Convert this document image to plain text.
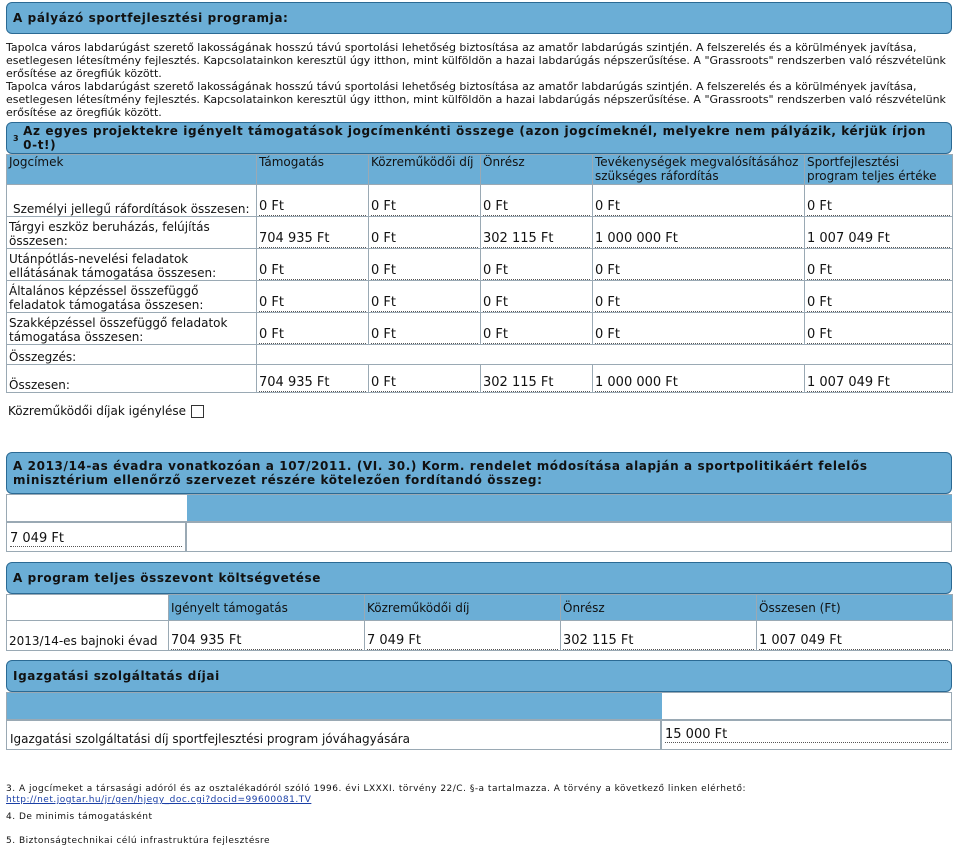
A pályázó sportfejlesztési programja:
Tapolca város labdarúgást szerető lakosságának hosszú távú sportolási lehetőség biztosítása az amatőr labdarúgás szintjén. A felszerelés és a körülmények javítása, esetlegesen létesítmény fejlesztés. Kapcsolatainkon keresztül úgy itthon, mint külföldön a hazai labdarúgás népszerűsítése. A "Grassroots" rendszerben való részvételünk erősítése az öregfiúk között.
Tapolca város labdarúgást szerető lakosságának hosszú távú sportolási lehetőség biztosítása az amatőr labdarúgás szintjén. A felszerelés és a körülmények javítása, esetlegesen létesítmény fejlesztés. Kapcsolatainkon keresztül úgy itthon, mint külföldön a hazai labdarúgás népszerűsítése. A "Grassroots" rendszerben való részvételünk erősítése az öregfiúk között.
3 Az egyes projektekre igényelt támogatások jogcímenkénti összege (azon jogcímeknél, melyekre nem pályázik, kérjük írjon 0-t!)
Jogcímek	Támogatás	Közreműködői díj	Önrész	Tevékenységek megvalósításához szükséges ráfordítás	Sportfejlesztési program teljes értéke
Személyi jellegű ráfordítások összesen:	0 Ft	0 Ft	0 Ft	0 Ft	0 Ft

Tárgyi eszköz beruházás, felújítás összesen:	704 935 Ft	0 Ft	302 115 Ft	1 000 000 Ft	1 007 049 Ft

Utánpótlás-nevelési feladatok ellátásának támogatása összesen:	0 Ft	0 Ft	0 Ft	0 Ft	0 Ft

Általános képzéssel összefüggő feladatok támogatása összesen:	0 Ft	0 Ft	0 Ft	0 Ft	0 Ft

Szakképzéssel összefüggő feladatok támogatása összesen:	0 Ft	0 Ft	0 Ft	0 Ft	0 Ft

Összegzés:					
Összesen:	704 935 Ft	0 Ft	302 115 Ft	1 000 000 Ft	1 007 049 Ft
Közreműködői díjak igénylése
A 2013/14-as évadra vonatkozóan a 107/2011. (VI. 30.) Korm. rendelet módosítása alapján a sportpolitikáért felelős minisztérium ellenőrző szervezet részére kötelezően fordítandó összeg:
7 049 Ft
A program teljes összevont költségvetése
	Igényelt támogatás	Közreműködői díj	Önrész	Összesen (Ft)
2013/14-es bajnoki évad	704 935 Ft	7 049 Ft	302 115 Ft	1 007 049 Ft
Igazgatási szolgáltatás díjai
Igazgatási szolgáltatási díj sportfejlesztési program jóváhagyására	15 000 Ft
3. A jogcímeket a társasági adóról és az osztalékadóról szóló 1996. évi LXXXI. törvény 22/C. §-a tartalmazza. A törvény a következő linken elérhető: http://net.jogtar.hu/jr/gen/hjegy_doc.cgi?docid=99600081.TV
4. De minimis támogatásként
5. Biztonságtechnikai célú infrastruktúra fejlesztésre
